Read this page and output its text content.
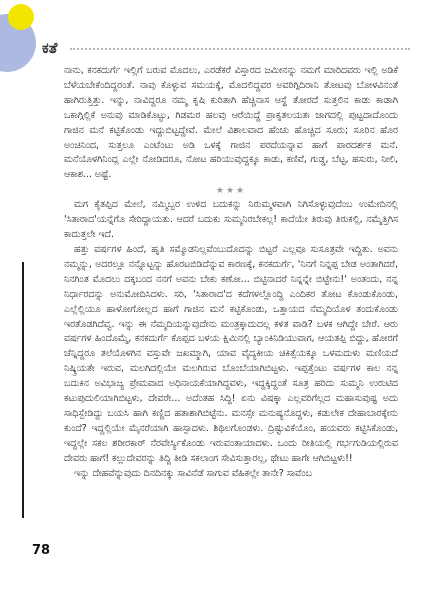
ಕತೆ

ನಾನು, ಕನಕದುರ್ಗೆ ಇಲ್ಲಿಗೆ ಬರುವ ಮೊದಲು, ಎರಡೆಕರೆ ವಿಸ್ತಾರದ ಜಮೀನನ್ನು ನಮಗೆ ಮಾರಿದವರು ಇಲ್ಲಿ ಅಡಿಕೆ ಬೆಳೆಯಬೇಕೆಂದಿದ್ದರಂತೆ. ನಾವು ಕೊಳ್ಳುವ ಸಮಯಕ್ಕೆ, ಮೊದಲಿದ್ದವರ ಅವರಿಗ್ಗಿದಿರಾನಿ ತೋಟವು ಬೋಳವಿನಂತೆ ಹಾಗಿರುತ್ತಿತ್ತು. ಇನ್ನು, ನಾವಿದ್ದರೂ ನಮ್ಮ ಕೃಷಿ ಕುರಿತಾಗಿ ಹೆಚ್ಚಿನಾಸ ಆಸ್ಥೆ ತೋರದೆ ಸುತ್ತಲಿನ ಕಾಡು ಕಾಡಾಗಿ ಒಕಾಗ್ಗಿಲ್ಲಿಕೆ ಅನುವು ಮಾಡಿಕೊಟ್ಟು, ಗಿಡಮರ ಹಲವು ಆರೆಯಿದ್ದೆ ಪ್ರಾಕೃತಲಯತಃ ಜಾಗದಲ್ಲಿ ಪುಟ್ಟದಾದೊಂದು ಗಾಜಿನ ಮನೆ ಕಟ್ಟಿಕೊಂಡು ಇದ್ದುಬಿಟ್ಟದ್ದೇವೆ. ಮೇಲೆ ವಿಶಾಲವಾದ ಹೆಂಚು ಹೊಚ್ಚಿದ ಸೂರು; ಸೂರಿನ ಹೊರ ಅಂಚಿನಿಂದ, ಸುತ್ತಲೂ ಎಂಟೆಂಟು ಅಡಿ ಒಳಕ್ಕೆ ಗಾಜಿನ ಪರದೆಯನ್ನಾವ ಹಾಗೆ ಪಾರದರ್ಶಕ ಮನೆ. ಮನೆಯೊಳಗಿನಿಂದ್ಲ ಎಲ್ಲೇ ನೋಡಿದರೂ, ನೋಟ ಹರಿಯುವುದ್ದಕ್ಕೂ ಕಾಡು, ಕಣಿವೆ, ಗುಡ್ಡ, ಬೆಟ್ಟ, ಹಸುರು, ನೀಲಿ, ಆಕಾಶ... ಅಷ್ಟೆ.

★★★

ಮಗ ಕೈತಪ್ಪಿದ ಮೇಲೆ, ನಮ್ಮಿಬ್ಬರ ಉಳಿದ ಬದುಕನ್ನು ನಿರುಮ್ಮಳವಾಗಿ ನಿಗಿಸೊಳ್ಳುವುದೆಂಬ ಉಮೇದಿನಲ್ಲಿ 'ಸಿತಾರಾದ'ಯನ್ನೆಗೊ ಸೇರಿದ್ದಾಯತು. ಆದರೆ ಬದುಕು ಸುಮ್ಮನಿರಬೇಕಲ್ಲ! ಕಾದೆಯೇ ತಿರುವು ತಿರುಕಲ್ಲಿ, ನಮ್ಮೆತ್ತಿಗಿಸ ಕಾದುತ್ತಲೇ ಇದೆ.

ಹತ್ತು ವರ್ಷಗಳ ಹಿಂದೆ, ಹೃತಿ ಸಮ್ಮೊಡನಿಲ್ಲವೆಂಬುದೊದನ್ನು ಬಿಟ್ಟರೆ ಎಲ್ಲವೂ ಸುಸೂತ್ರವೇ ಇದ್ದಿತು. ಅವನು ನಮ್ಮನ್ನು, ಅದರಲ್ಲೂ ನನ್ನೊಟ್ಟನ್ನು ಹೊರಟಬಿಡಿದೆನ್ನುವ ಕಾರಣಕ್ಕೆ, ಕನಕದುರ್ಗೆ, 'ನಿನಗೆ ನಿನ್ನಪ್ಪ ಬೇಡ ಅಂತಾಗಿದರೆ, ನಿನಗಿಂತ ಮೊದಲು ದಕ್ಕಬಂದ ನನಗೆ ಅವನು ಬೇಕು ಕಣೋ... ಬಿಟ್ಟಿನಾದರೆ ನಿನ್ನನ್ನೇ ಬಿಟ್ಟೇನು!' ಅಂತಂದು, ನನ್ನ ನಿರ್ಧಾರದನ್ನು ಅನುಮೋದಿಸಿದಳು. ಸರಿ, 'ಸಿತಾರಾದ'ದ ಕದೆಗಳಲ್ಲೊಂದ್ದಿ ಎಂದಿಕರ ತೋಟ ಕೊಂಡುಕೊಂಡು, ಎಲ್ಲೆಲ್ಲಿಯೂ ಹಾಳೋಗೋಲ್ಲದ ಹಾಗೆ ಗಾಜಿನ ಮನೆ ಕಟ್ಟಿಕೊಂಡು, ಒತ್ತಾಯದ ನೆಮ್ಮದಿಯೊಳ ತಂದುಕೊಂಡು ಇರತೊಡಗಿದೆವ್ವ. ಇನ್ನು ಈ ನೆಮ್ಮದಿಯನ್ನುವುದೇನು ಮಂತ್ರಕ್ಕಾದುದಲ್ಲ ಕಳಿತ ವಾಡಿ? ಬಳಕ ಆಗಿದ್ದೇ ಬೇರೆ. ಆರು ವರ್ಷಗಳ ಹಿಂದೊಮ್ಮೆ, ಕನಕದುರ್ಗೆ ಕೊಪ್ಪದ ಬಳಯ ಕ್ಷಿಮಿನಲ್ಲಿ ಬ್ಯಾಂಕಿನಿಡಿಯುವಾಗ, ಆಯತಪ್ಪಿ ಬಿದ್ದು, ಹೋರಗೆ ಚೆನ್ನಿದ್ದರೂ ತಲೆಯೊಳಗಿನ ವಸ್ತುವೇ ಜಖಮ್ಮಾಗಿ, ಯಾವ ವೈದ್ಯಕೀಯ ಚಿಕಿತ್ಸೆಯಕ್ಕೂ ಒಳಮದುಳು ಮಣಿಯದೆ ನಿಷ್ಕ್ರಿಯತೇ ಇರುವ, ಮಲಗಿದಲ್ಲಿಯೇ ಮಲಗಿರುವ ಬೊಂಬೆಯಾಗಿಬಿಟ್ಟಳು. ಇಪ್ಪತ್ತೆಂಟು ವರ್ಷಗಳ ಕಾಲ ನನ್ನ ಬದುಕಿನ ಅವಿಭಾಜ್ಯ ಪ್ರೇಮವಾದ ಅಧಿನಾಯಕೆಯಾಗಿದ್ದವಳು, ಇದ್ದಕ್ಕಿದ್ದಂತೆ ಸೂತ್ರ ಹರಿದು ಸುಮ್ಮನಿ ಉರುಟಿದ ಕಟುಪುದುಲಿಯಾಗಿಬಿಟ್ಟಳು, ದೇವರೇ... ಅದೆಂತಹ ಸಿದ್ಧಿ! ಏನು ವಿಷಕ್ಕಾ ಎಲ್ಲವರಿಗೆಲ್ಲದ ಮಹಾಸುವುಷ್ಟ ಅದು ಸಾಧಿಸ್ಬೇಡಿದ್ದು ಬಯಸಿ ಹಾಗಿ ಕಣ್ಣಿದ ಹತಾಶಾಗಿಬಿಟ್ಟೆನು. ಮನಸ್ಸೇ ಮನುಷ್ಯನೊದ್ದಳು, ಕಡುಲೇಕ ದೇಹಾಬಾರಕ್ಕೇನು ಕುಂದೆ? ಇದ್ದಲ್ಲಿಯೇ ಮೈನರೆಯಾಗಿ ಹಾಸ್ಪಾದಳು. ಶಿಥಿಲಗೊಂಡಳು. ದ್ರಿಷ್ಟುವಿಕೆಯೊಂ, ಹಯವರು ಕಟ್ಟಿಸಿಕೊಂಡು, ಇದ್ದಲ್ಲೇ ಸಕಲ ಶರೀರಕಾರ್ ನೆರವೇರ್ಸ್ಯಿಕೊಂಡು ಇರುವಂತಾಯಾದಳು. ಒಂದು ರೀತಿಯಲ್ಲಿ ಗರ್ಭಗುಡಿಯಲ್ಲಿರುವ ದೇವರು ಹಾಗೆ! ಕಲ್ಲುದೇವರನ್ನು ತಿದ್ದಿ ತೀಡಿ ಸಕಲಾಂಗ ಸೇವಿಸುತ್ತಾರಲ್ಲ, ಥೇಟು ಹಾಗೇ ಆಗಿಬಿಟ್ಟಳು!!

ಇನ್ನು ದೇಹವೆನ್ನುವುದು ದಿನದಿನಕ್ಕು ಸಾವಿನೆಡೆ ಸಾಗುವ ವೆಹಿಕಲ್ಲೇ ತಾನೇ? ಸಾವೆಂಬ

78
